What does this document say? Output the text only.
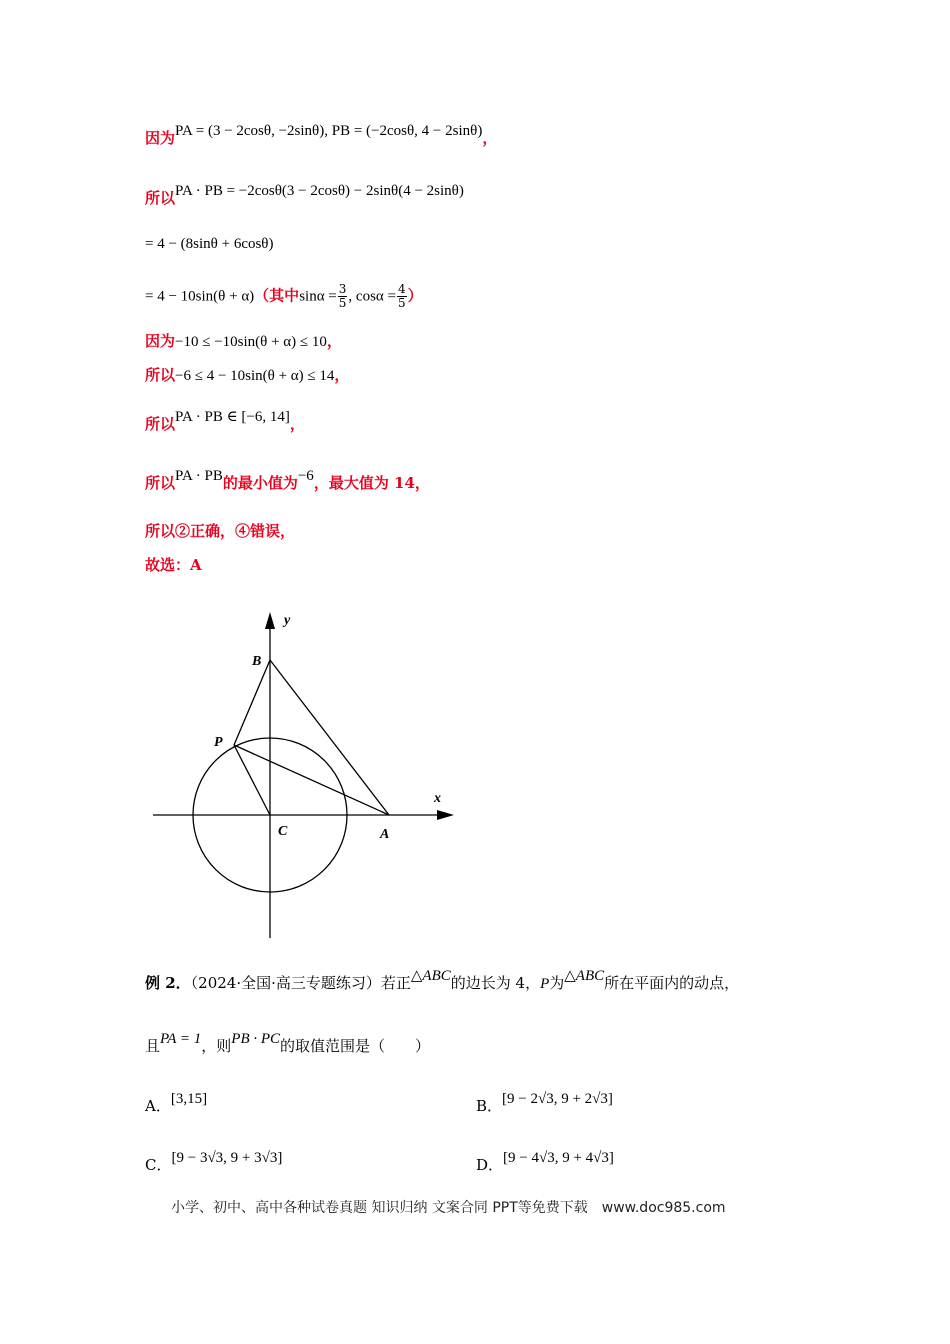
因为PA = (3 − 2cosθ, −2sinθ), PB = (−2cosθ, 4 − 2sinθ)，
所以PA · PB = −2cosθ(3 − 2cosθ) − 2sinθ(4 − 2sinθ)
= 4 − (8sinθ + 6cosθ)
= 4 − 10sin(θ + α)（其中$\sin\alpha = \frac{3}{5}$ , $\cos\alpha = \frac{4}{5}$ ）
因为−10 ≤ −10sin(θ + α) ≤ 10，
所以−6 ≤ 4 − 10sin(θ + α) ≤ 14，
所以PA · PB ∈ [−6, 14]，
所以PA · PB的最小值为−6，最大值为 14，
所以②正确，④错误，
故选：A
y
x
B
P
C	A
例 2．（2024·全国·高三专题练习）若正△ABC的边长为 4，P为△ABC所在平面内的动点，
且PA = 1，则PB · PC的取值范围是（　　）
A．[3,15]	B．[9 − 2√3, 9 + 2√3]
C．[9 − 3√3, 9 + 3√3]	D．[9 − 4√3, 9 + 4√3]
小学、初中、高中各种试卷真题 知识归纳 文案合同 PPT等免费下载　www.doc985.com
